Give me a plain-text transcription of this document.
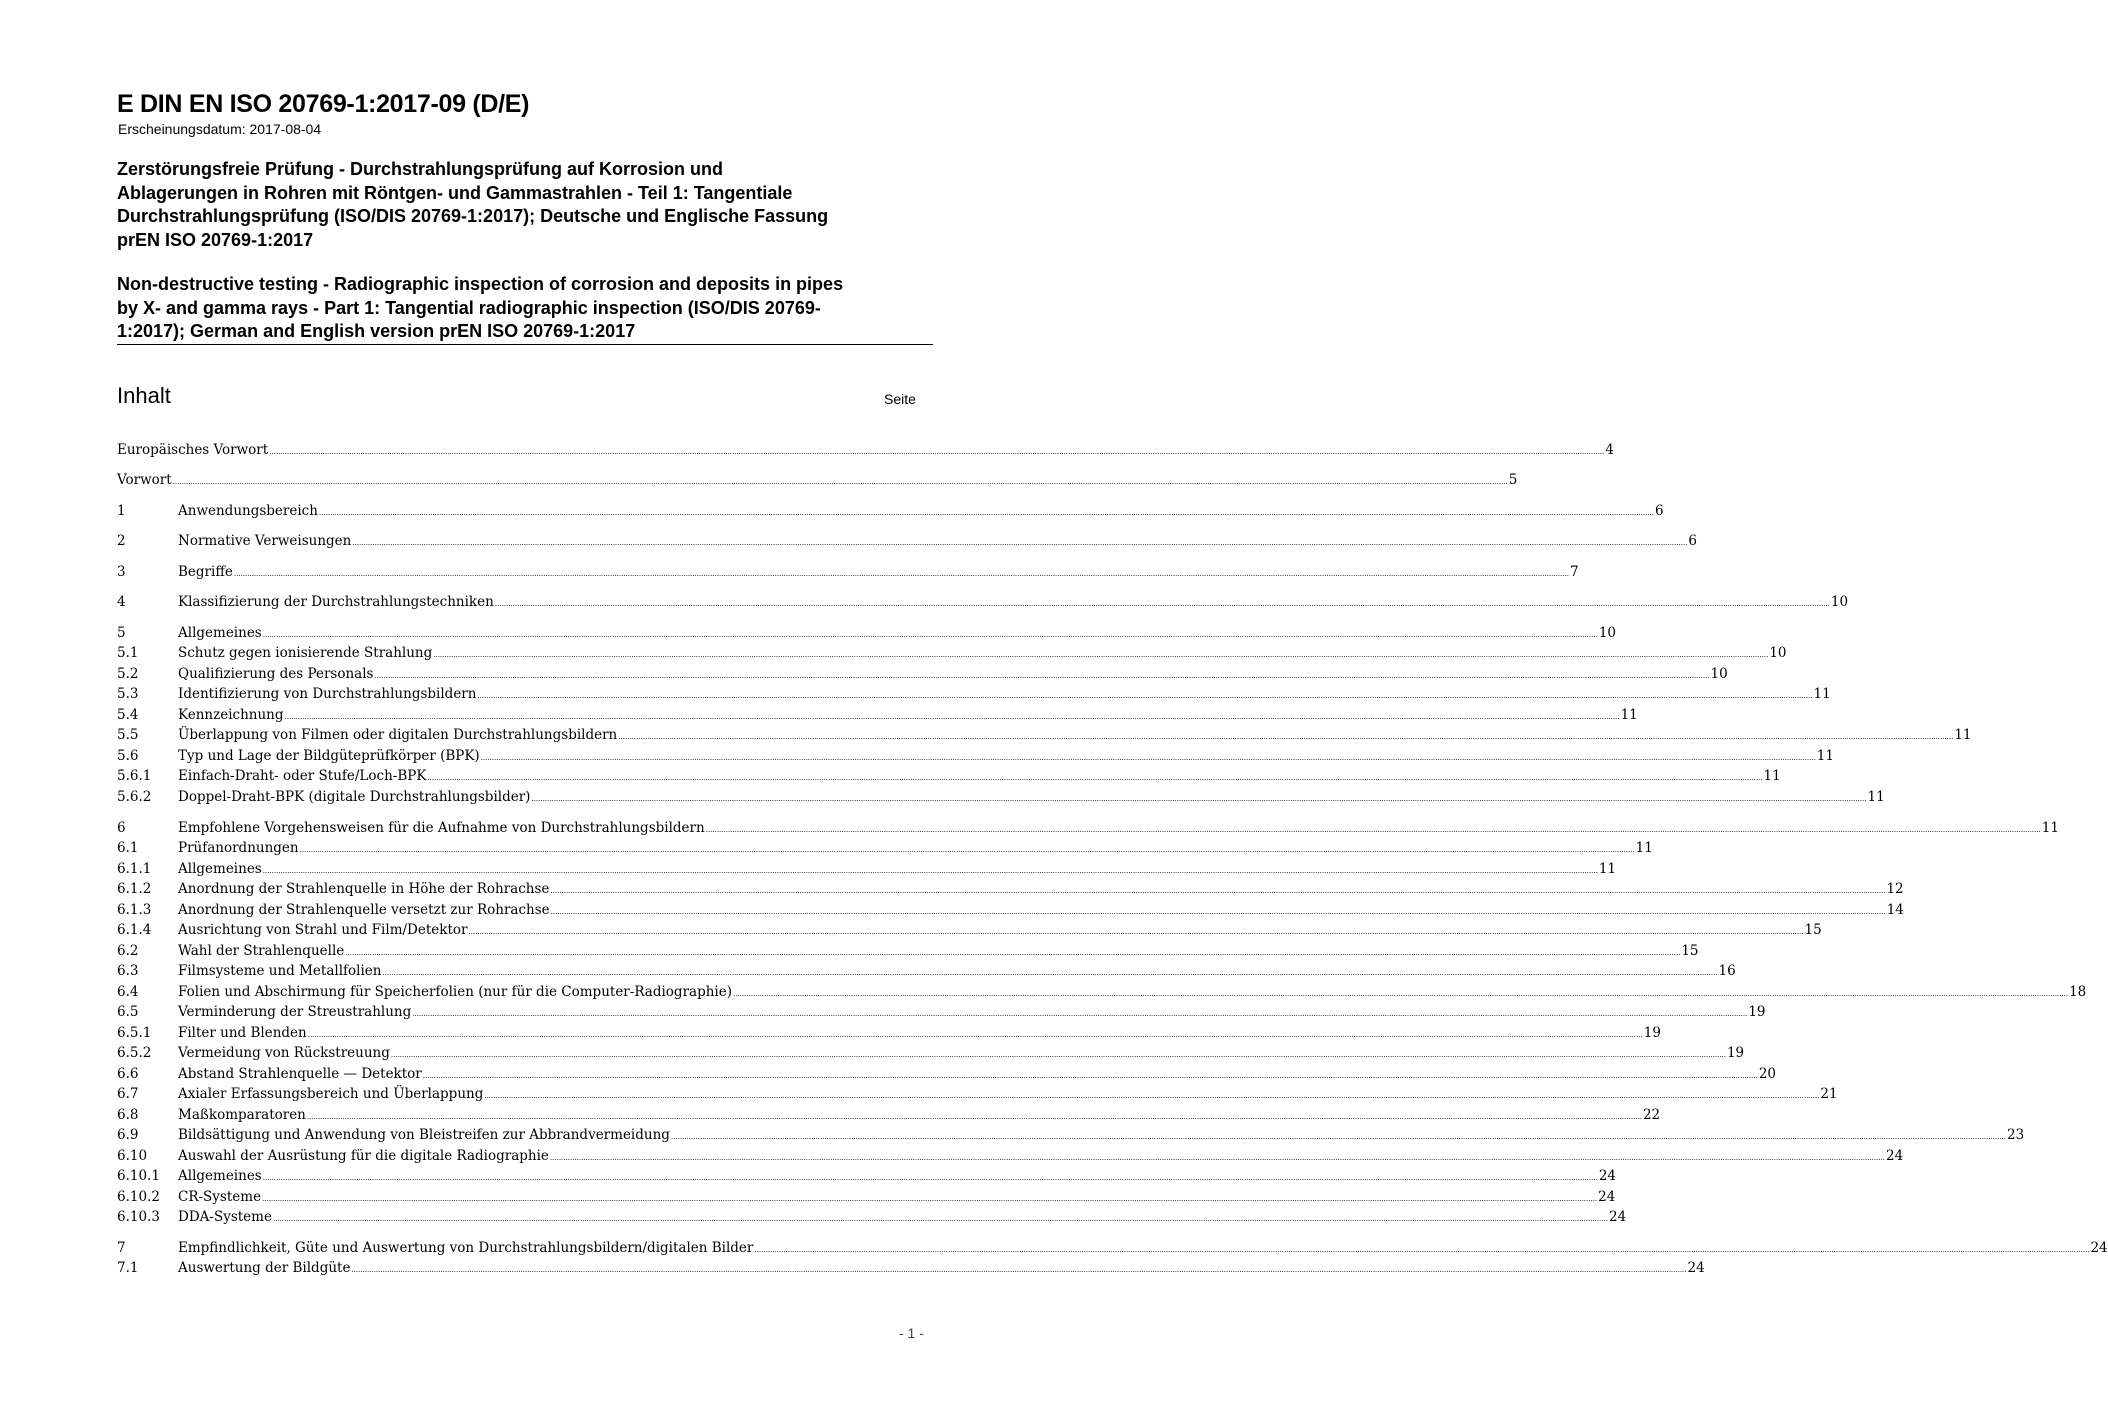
E DIN EN ISO 20769-1:2017-09 (D/E)
Erscheinungsdatum: 2017-08-04

Zerstörungsfreie Prüfung - Durchstrahlungsprüfung auf Korrosion und

Ablagerungen in Rohren mit Röntgen- und Gammastrahlen - Teil 1: Tangentiale

Durchstrahlungsprüfung (ISO/DIS 20769-1:2017); Deutsche und Englische Fassung

prEN ISO 20769-1:2017

Non-destructive testing - Radiographic inspection of corrosion and deposits in pipes

by X- and gamma rays - Part 1: Tangential radiographic inspection (ISO/DIS 20769-

1:2017); German and English version prEN ISO 20769-1:2017

Inhalt	Seite
Europäisches Vorwort ........................................................................................................................................................................................................................................................................................................................................................................................................................................................................................................................................................................................................................ 4
Vorwort ........................................................................................................................................................................................................................................................................................................................................................................................................................................................................................................................................................................................................................ 5
1	Anwendungsbereich ........................................................................................................................................................................................................................................................................................................................................................................................................................................................................................................................................................................................................................ 6
2	Normative Verweisungen ........................................................................................................................................................................................................................................................................................................................................................................................................................................................................................................................................................................................................................ 6
3	Begriffe ........................................................................................................................................................................................................................................................................................................................................................................................................................................................................................................................................................................................................................ 7
4	Klassifizierung der Durchstrahlungstechniken ........................................................................................................................................................................................................................................................................................................................................................................................................................................................................................................................................................................................................................ 10
5	Allgemeines ........................................................................................................................................................................................................................................................................................................................................................................................................................................................................................................................................................................................................................ 10
5.1	Schutz gegen ionisierende Strahlung ........................................................................................................................................................................................................................................................................................................................................................................................................................................................................................................................................................................................................................ 10
5.2	Qualifizierung des Personals ........................................................................................................................................................................................................................................................................................................................................................................................................................................................................................................................................................................................................................ 10
5.3	Identifizierung von Durchstrahlungsbildern ........................................................................................................................................................................................................................................................................................................................................................................................................................................................................................................................................................................................................................ 11
5.4	Kennzeichnung ........................................................................................................................................................................................................................................................................................................................................................................................................................................................................................................................................................................................................................ 11
5.5	Überlappung von Filmen oder digitalen Durchstrahlungsbildern ........................................................................................................................................................................................................................................................................................................................................................................................................................................................................................................................................................................................................................ 11
5.6	Typ und Lage der Bildgüteprüfkörper (BPK) ........................................................................................................................................................................................................................................................................................................................................................................................................................................................................................................................................................................................................................ 11
5.6.1	Einfach-Draht- oder Stufe/Loch-BPK ........................................................................................................................................................................................................................................................................................................................................................................................................................................................................................................................................................................................................................ 11
5.6.2	Doppel-Draht-BPK (digitale Durchstrahlungsbilder) ........................................................................................................................................................................................................................................................................................................................................................................................................................................................................................................................................................................................................................ 11
6	Empfohlene Vorgehensweisen für die Aufnahme von Durchstrahlungsbildern ........................................................................................................................................................................................................................................................................................................................................................................................................................................................................................................................................................................................................................ 11
6.1	Prüfanordnungen ........................................................................................................................................................................................................................................................................................................................................................................................................................................................................................................................................................................................................................ 11
6.1.1	Allgemeines ........................................................................................................................................................................................................................................................................................................................................................................................................................................................................................................................................................................................................................ 11
6.1.2	Anordnung der Strahlenquelle in Höhe der Rohrachse ........................................................................................................................................................................................................................................................................................................................................................................................................................................................................................................................................................................................................................ 12
6.1.3	Anordnung der Strahlenquelle versetzt zur Rohrachse ........................................................................................................................................................................................................................................................................................................................................................................................................................................................................................................................................................................................................................ 14
6.1.4	Ausrichtung von Strahl und Film/Detektor ........................................................................................................................................................................................................................................................................................................................................................................................................................................................................................................................................................................................................................ 15
6.2	Wahl der Strahlenquelle ........................................................................................................................................................................................................................................................................................................................................................................................................................................................................................................................................................................................................................ 15
6.3	Filmsysteme und Metallfolien ........................................................................................................................................................................................................................................................................................................................................................................................................................................................................................................................................................................................................................ 16
6.4	Folien und Abschirmung für Speicherfolien (nur für die Computer-Radiographie) ........................................................................................................................................................................................................................................................................................................................................................................................................................................................................................................................................................................................................................ 18
6.5	Verminderung der Streustrahlung ........................................................................................................................................................................................................................................................................................................................................................................................................................................................................................................................................................................................................................ 19
6.5.1	Filter und Blenden ........................................................................................................................................................................................................................................................................................................................................................................................................................................................................................................................................................................................................................ 19
6.5.2	Vermeidung von Rückstreuung ........................................................................................................................................................................................................................................................................................................................................................................................................................................................................................................................................................................................................................ 19
6.6	Abstand Strahlenquelle — Detektor ........................................................................................................................................................................................................................................................................................................................................................................................................................................................................................................................................................................................................................ 20
6.7	Axialer Erfassungsbereich und Überlappung ........................................................................................................................................................................................................................................................................................................................................................................................................................................................................................................................................................................................................................ 21
6.8	Maßkomparatoren ........................................................................................................................................................................................................................................................................................................................................................................................................................................................................................................................................................................................................................ 22
6.9	Bildsättigung und Anwendung von Bleistreifen zur Abbrandvermeidung ........................................................................................................................................................................................................................................................................................................................................................................................................................................................................................................................................................................................................................ 23
6.10	Auswahl der Ausrüstung für die digitale Radiographie ........................................................................................................................................................................................................................................................................................................................................................................................................................................................................................................................................................................................................................ 24
6.10.1	Allgemeines ........................................................................................................................................................................................................................................................................................................................................................................................................................................................................................................................................................................................................................ 24
6.10.2	CR-Systeme ........................................................................................................................................................................................................................................................................................................................................................................................................................................................................................................................................................................................................................ 24
6.10.3	DDA-Systeme ........................................................................................................................................................................................................................................................................................................................................................................................................................................................................................................................................................................................................................ 24
7	Empfindlichkeit, Güte und Auswertung von Durchstrahlungsbildern/digitalen Bilder ........................................................................................................................................................................................................................................................................................................................................................................................................................................................................................................................................................................................................................ 24
7.1	Auswertung der Bildgüte ........................................................................................................................................................................................................................................................................................................................................................................................................................................................................................................................................................................................................................ 24
- 1 -
